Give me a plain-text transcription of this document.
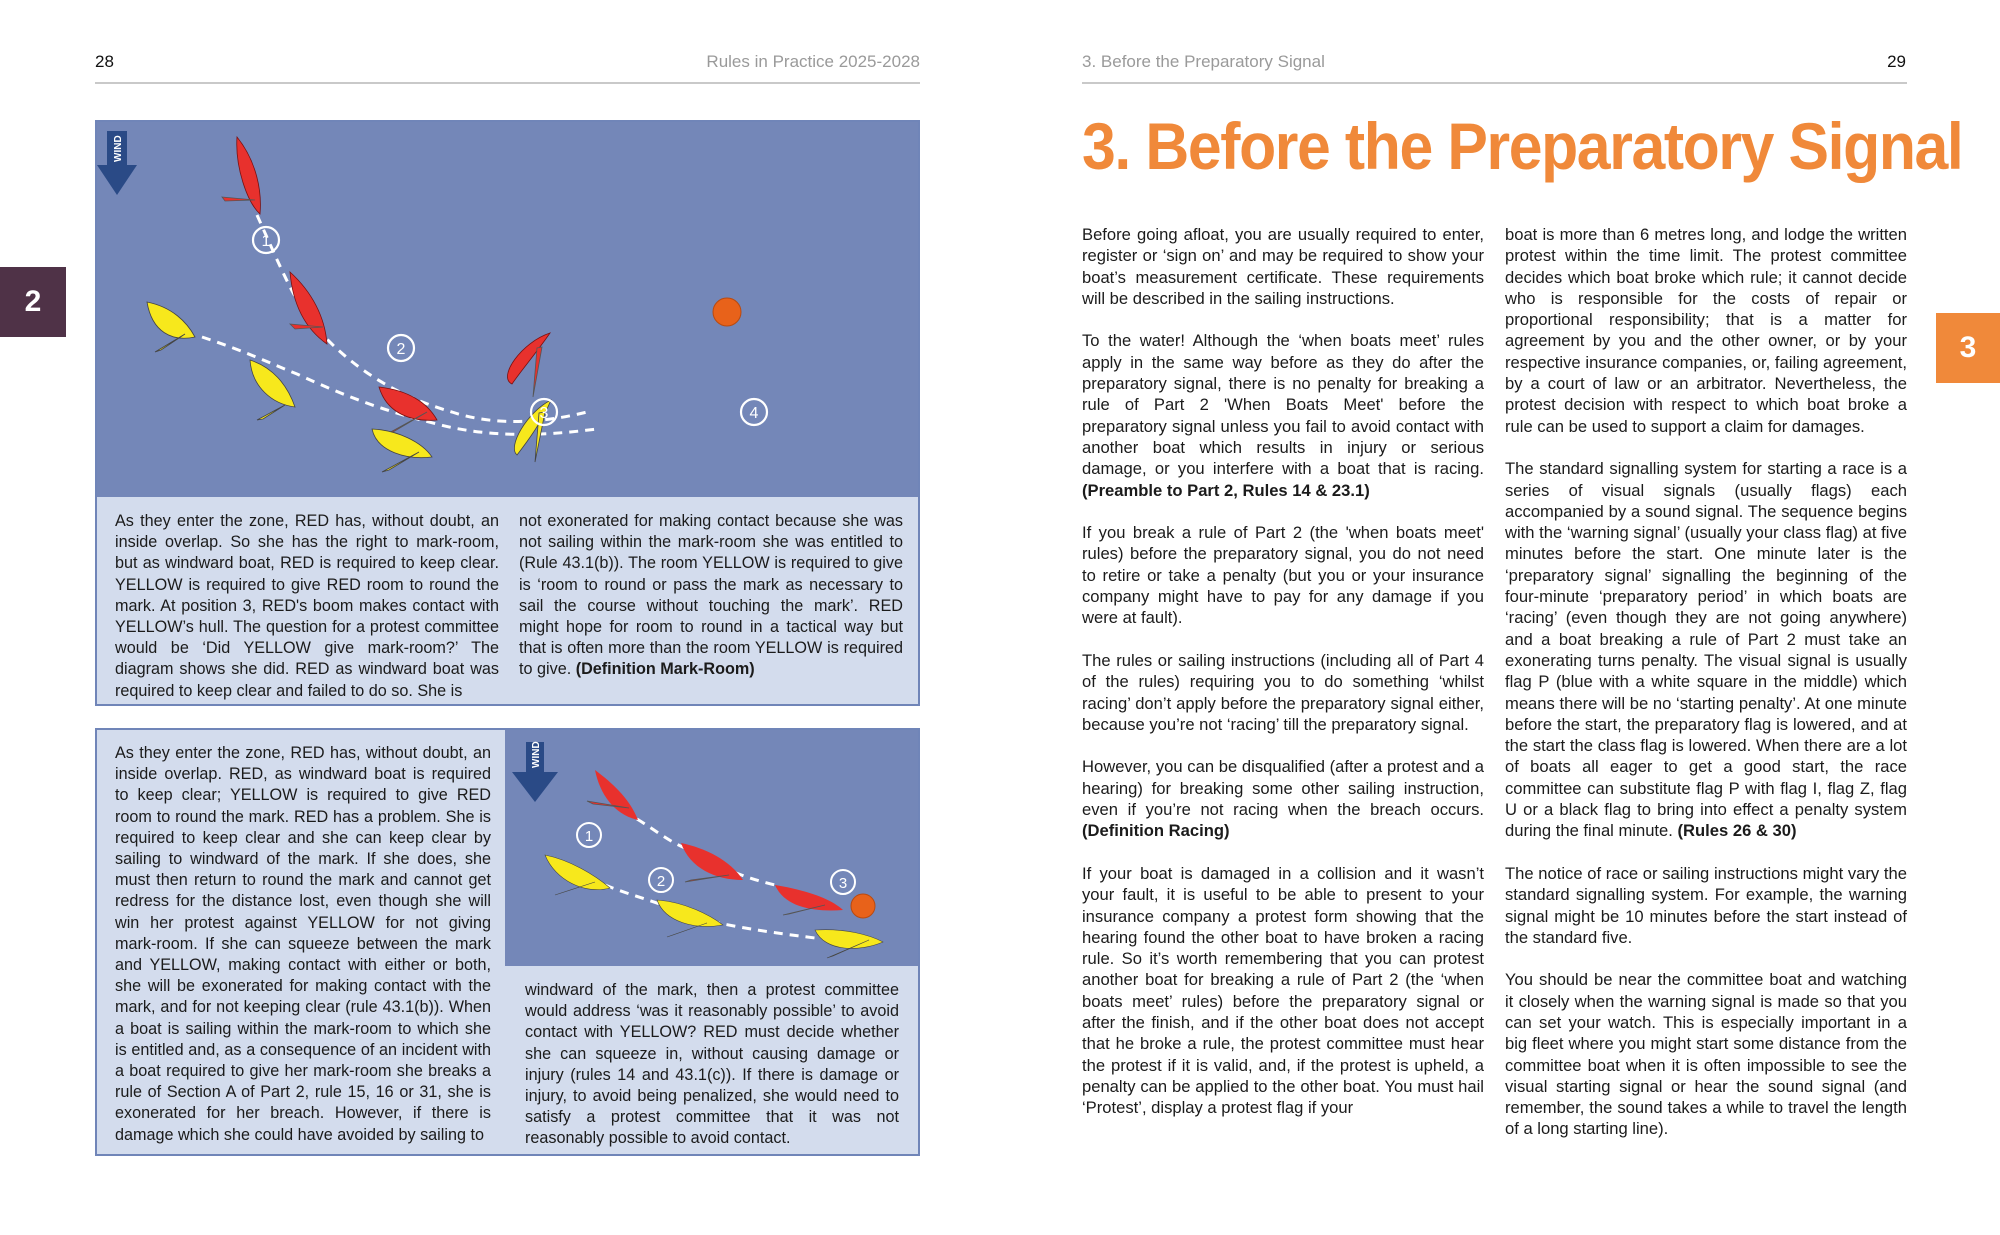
28	Rules in Practice 2025-2028
2
WIND
1
2
3	4
As they enter the zone, RED has, without doubt, an inside overlap. So she has the right to mark-room, but as windward boat, RED is required to keep clear. YELLOW is required to give RED room to round the mark. At position 3, RED's boom makes contact with YELLOW’s hull. The question for a protest committee would be ‘Did YELLOW give mark-room?’ The diagram shows she did. RED as windward boat was required to keep clear and failed to do so. She is
not exonerated for making contact because she was not sailing within the mark-room she was entitled to (Rule 43.1(b)). The room YELLOW is required to give is ‘room to round or pass the mark as necessary to sail the course without touching the mark’. RED might hope for room to round in a tactical way but that is often more than the room YELLOW is required to give. (Definition Mark-Room)
As they enter the zone, RED has, without doubt, an inside overlap. RED, as windward boat is required to keep clear; YELLOW is required to give RED room to round the mark. RED has a problem. She is required to keep clear and she can keep clear by sailing to windward of the mark. If she does, she must then return to round the mark and cannot get redress for the distance lost, even though she will win her protest against YELLOW for not giving mark-room. If she can squeeze between the mark and YELLOW, making contact with either or both, she will be exonerated for making contact with the mark, and for not keeping clear (rule 43.1(b)). When a boat is sailing within the mark-room to which she is entitled and, as a consequence of an incident with a boat required to give her mark-room she breaks a rule of Section A of Part 2, rule 15, 16 or 31, she is exonerated for her breach. However, if there is damage which she could have avoided by sailing to
WIND
1
2	3
windward of the mark, then a protest committee would address ‘was it reasonably possible’ to avoid contact with YELLOW? RED must decide whether she can squeeze in, without causing damage or injury (rules 14 and 43.1(c)). If there is damage or injury, to avoid being penalized, she would need to satisfy a protest committee that it was not reasonably possible to avoid contact.
3. Before the Preparatory Signal	29
3
3. Before the Preparatory Signal

Before going afloat, you are usually required to enter, register or ‘sign on’ and may be required to show your boat’s measurement certificate. These requirements will be described in the sailing instructions.

To the water! Although the ‘when boats meet’ rules apply in the same way before as they do after the preparatory signal, there is no penalty for breaking a rule of Part 2 'When Boats Meet' before the preparatory signal unless you fail to avoid contact with another boat which results in injury or serious damage, or you interfere with a boat that is racing. (Preamble to Part 2, Rules 14 & 23.1)

If you break a rule of Part 2 (the 'when boats meet' rules) before the preparatory signal, you do not need to retire or take a penalty (but you or your insurance company might have to pay for any damage if you were at fault).

The rules or sailing instructions (including all of Part 4 of the rules) requiring you to do something ‘whilst racing’ don’t apply before the preparatory signal either, because you’re not ‘racing’ till the preparatory signal.

However, you can be disqualified (after a protest and a hearing) for breaking some other sailing instruction, even if you’re not racing when the breach occurs. (Definition Racing)

If your boat is damaged in a collision and it wasn’t your fault, it is useful to be able to present to your insurance company a protest form showing that the hearing found the other boat to have broken a racing rule. So it’s worth remembering that you can protest another boat for breaking a rule of Part 2 (the ‘when boats meet’ rules) before the preparatory signal or after the finish, and if the other boat does not accept that he broke a rule, the protest committee must hear the protest if it is valid, and, if the protest is upheld, a penalty can be applied to the other boat. You must hail ‘Protest’, display a protest flag if your

boat is more than 6 metres long, and lodge the written protest within the time limit. The protest committee decides which boat broke which rule; it cannot decide who is responsible for the costs of repair or proportional responsibility; that is a matter for agreement by you and the other owner, or by your respective insurance companies, or, failing agreement, by a court of law or an arbitrator. Nevertheless, the protest decision with respect to which boat broke a rule can be used to support a claim for damages.

The standard signalling system for starting a race is a series of visual signals (usually flags) each accompanied by a sound signal. The sequence begins with the ‘warning signal’ (usually your class flag) at five minutes before the start. One minute later is the ‘preparatory signal’ signalling the beginning of the four-minute ‘preparatory period’ in which boats are ‘racing’ (even though they are not going anywhere) and a boat breaking a rule of Part 2 must take an exonerating turns penalty. The visual signal is usually flag P (blue with a white square in the middle) which means there will be no ‘starting penalty’. At one minute before the start, the preparatory flag is lowered, and at the start the class flag is lowered. When there are a lot of boats all eager to get a good start, the race committee can substitute flag P with flag I, flag Z, flag U or a black flag to bring into effect a penalty system during the final minute. (Rules 26 & 30)

The notice of race or sailing instructions might vary the standard signalling system. For example, the warning signal might be 10 minutes before the start instead of the standard five.

You should be near the committee boat and watching it closely when the warning signal is made so that you can set your watch. This is especially important in a big fleet where you might start some distance from the committee boat when it is often impossible to see the visual starting signal or hear the sound signal (and remember, the sound takes a while to travel the length of a long starting line).
